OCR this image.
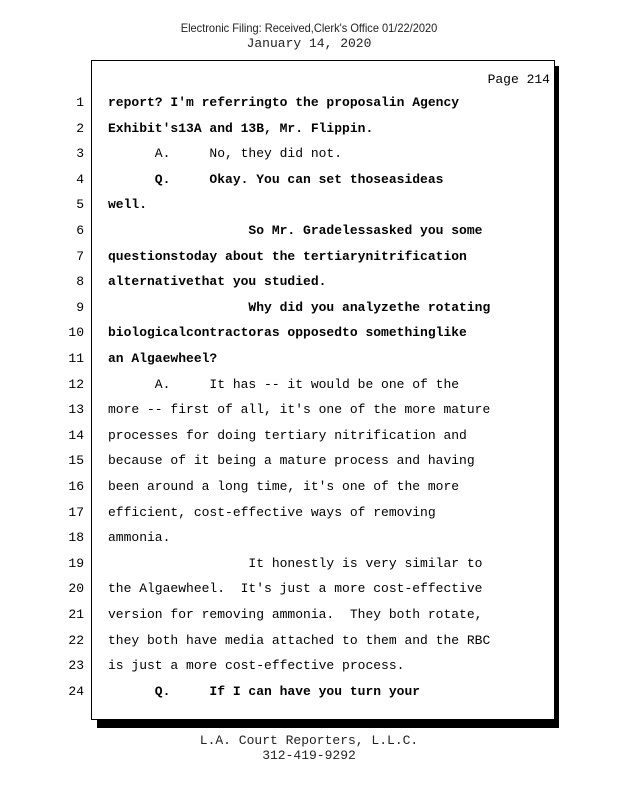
Electronic Filing: Received,Clerk's Office 01/22/2020
January 14, 2020
Page 214
1 report? I'm referringto the proposalin Agency
2 Exhibit's13A and 13B, Mr. Flippin.
3 A.     No, they did not.
4 Q.     Okay. You can set thoseasideas
5 well.
6 So Mr. Gradelessasked you some
7 questionstoday about the tertiarynitrification
8 alternativethat you studied.
9 Why did you analyzethe rotating
10 biologicalcontractoras opposedto somethinglike
11 an Algaewheel?
12 A.     It has -- it would be one of the
13 more -- first of all, it's one of the more mature
14 processes for doing tertiary nitrification and
15 because of it being a mature process and having
16 been around a long time, it's one of the more
17 efficient, cost-effective ways of removing
18 ammonia.
19 It honestly is very similar to
20 the Algaewheel.  It's just a more cost-effective
21 version for removing ammonia.  They both rotate,
22 they both have media attached to them and the RBC
23 is just a more cost-effective process.
24 Q.     If I can have you turn your
L.A. Court Reporters, L.L.C.
312-419-9292
